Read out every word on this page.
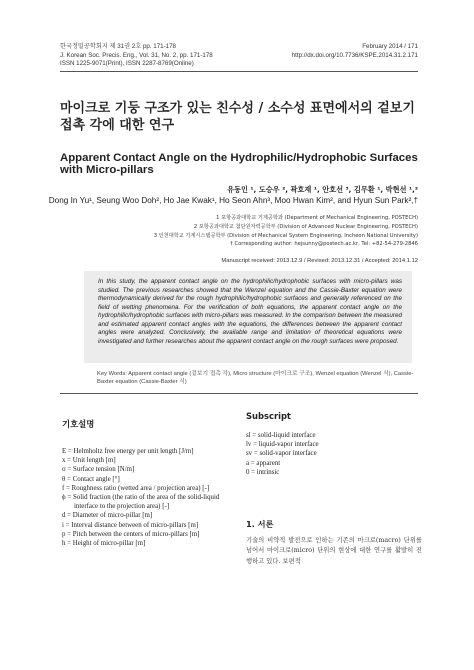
한국정밀공학회지 제 31권 2호 pp. 171-178
J. Korean Soc. Precis. Eng., Vol. 31, No. 2, pp. 171-178
ISSN 1225-9071(Print), ISSN 2287-8769(Online)
February 2014 / 171
http://dx.doi.org/10.7736/KSPE.2014.31.2.171
마이크로 기둥 구조가 있는 친수성 / 소수성 표면에서의 겉보기
접촉 각에 대한 연구
Apparent Contact Angle on the Hydrophilic/Hydrophobic Surfaces with Micro-pillars
유동인 ¹, 도승우 ², 곽호재 ¹, 안호선 ³, 김무환 ¹, 박현선 ¹,²
Dong In Yu¹, Seung Woo Doh², Ho Jae Kwak¹, Ho Seon Ahn³, Moo Hwan Kim², and Hyun Sun Park²,†
1 포항공과대학교 기계공학과 (Department of Mechanical Engineering, POSTECH)
2 포항공과대학교 첨단원자력공학부 (Division of Advanced Nuclear Engineering, POSTECH)
3 인천대학교 기계시스템공학부 (Division of Mechanical System Engineering, Incheon National University)
† Corresponding author: hejsunny@postech.ac.kr, Tel: +82-54-279-2846
Manuscript received: 2013.12.9 / Revised: 2013.12.31 / Accepted: 2014.1.12
In this study, the apparent contact angle on the hydrophilic/hydrophobic surfaces with micro-pillars was studied. The previous researches showed that the Wenzel equation and the Cassie-Baxter equation were thermodynamically derived for the rough hydrophilic/hydrophobic surfaces and generally referenced on the field of wetting phenomena. For the verification of both equations, the apparent contact angle on the hydrophilic/hydrophobic surfaces with micro-pillars was measured. In the comparison between the measured and estimated apparent contact angles with the equations, the differences between the apparent contact angles were analyzed. Conclusively, the available range and limitation of theoretical equations were investigated and further researches about the apparent contact angle on the rough surfaces were proposed.
Key Words: Apparent contact angle (겉보기 접촉 각), Micro structure (마이크로 구조), Wenzel equation (Wenzel 식), Cassie-Baxter equation (Cassie-Baxter 식)
기호설명
E = Helmholtz free energy per unit length [J/m]
x = Unit length [m]
σ = Surface tension [N/m]
θ = Contact angle [°]
f = Roughness ratio (wetted area / projection area) [-]
ϕ = Solid fraction (the ratio of the area of the solid-liquid
interface to the projection area) [-]
d = Diameter of micro-pillar [m]
i = Interval distance between of micro-pillars [m]
p = Pitch between the centers of micro-pillars [m]
h = Height of micro-pillar [m]
Subscript
sl = solid-liquid interface
lv = liquid-vapor interface
sv = solid-vapor interface
a = apparent
0 = intrinsic
1. 서론
기술의 비약적 발전으로 인하는 기존의 마크로(macro) 단위를 넘어서 마이크로(micro) 단위의 현상에 대한 연구를 활발히 진행하고 있다. 보편적
